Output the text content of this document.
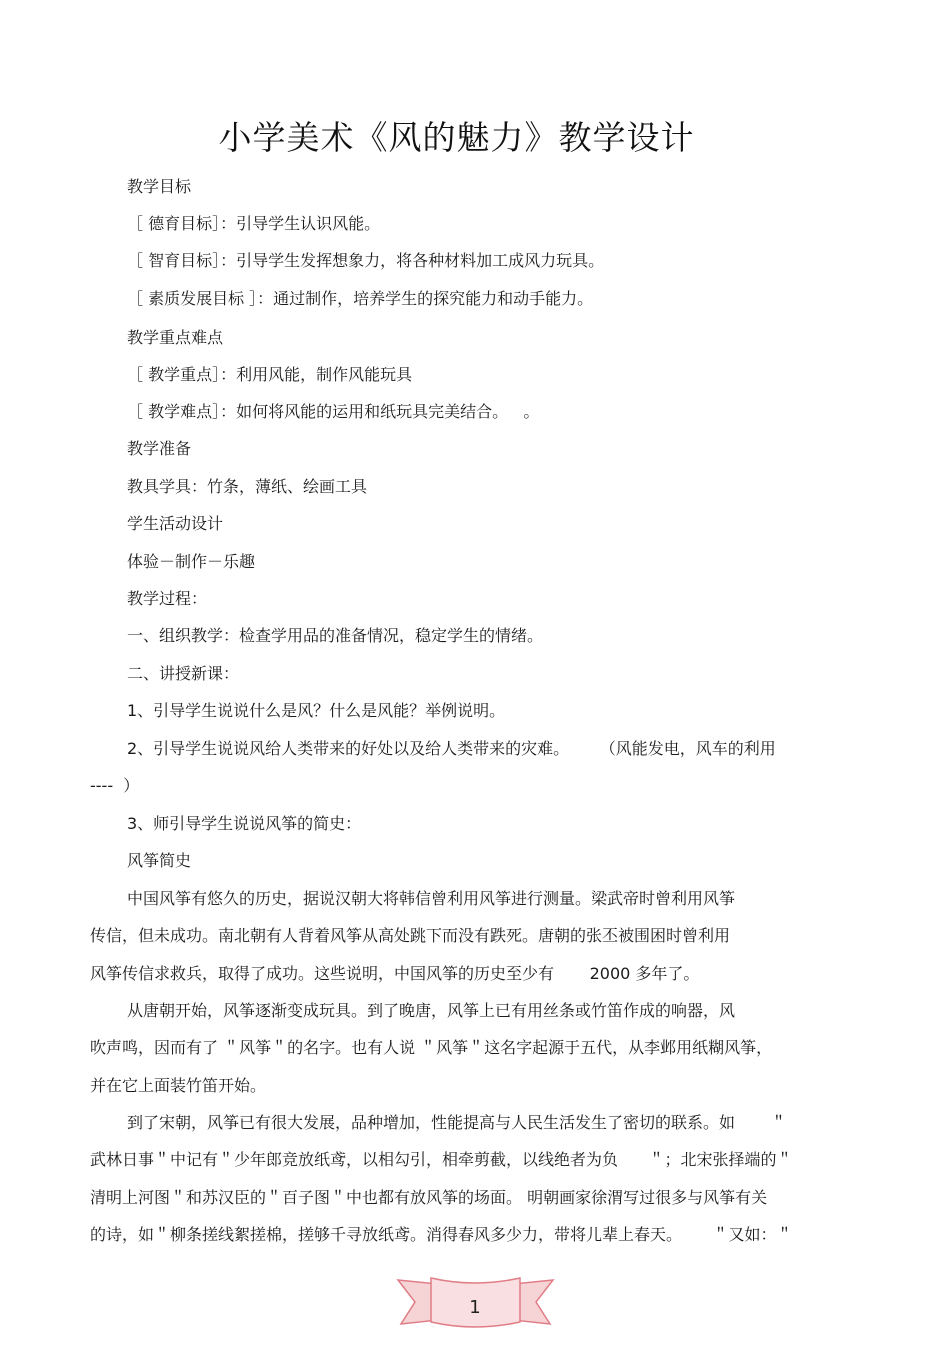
小学美术《风的魅力》教学设计
教学目标
［ 德育目标］：引导学生认识风能。
［ 智育目标］：引导学生发挥想象力，将各种材料加工成风力玩具。
［ 素质发展目标 ］：通过制作，培养学生的探究能力和动手能力。
教学重点难点
［ 教学重点］：利用风能，制作风能玩具
［ 教学难点］：如何将风能的运用和纸玩具完美结合。   。
教学准备
教具学具：竹条，薄纸、绘画工具
学生活动设计
体验－制作－乐趣
教学过程：
一、组织教学：检查学用品的准备情况，稳定学生的情绪。
二、讲授新课：
1、引导学生说说什么是风？什么是风能？举例说明。
2、引导学生说说风给人类带来的好处以及给人类带来的灾难。      （风能发电，风车的利用
----  ）
3、师引导学生说说风筝的简史：
风筝简史
中国风筝有悠久的历史，据说汉朝大将韩信曾利用风筝进行测量。梁武帝时曾利用风筝
传信，但未成功。南北朝有人背着风筝从高处跳下而没有跌死。唐朝的张丕被围困时曾利用
风筝传信求救兵，取得了成功。这些说明，中国风筝的历史至少有       2000 多年了。
从唐朝开始，风筝逐渐变成玩具。到了晚唐，风筝上已有用丝条或竹笛作成的响器，风
吹声鸣，因而有了 ＂风筝＂的名字。也有人说 ＂风筝＂这名字起源于五代，从李邺用纸糊风筝，
并在它上面装竹笛开始。
到了宋朝，风筝已有很大发展，品种增加，性能提高与人民生活发生了密切的联系。如       ＂
武林日事＂中记有＂少年郎竞放纸鸢，以相勾引，相牵剪截，以线绝者为负      ＂；北宋张择端的＂
清明上河图＂和苏汉臣的＂百子图＂中也都有放风筝的场面。 明朝画家徐渭写过很多与风筝有关
的诗，如＂柳条搓线絮搓棉，搓够千寻放纸鸢。消得春风多少力，带将儿辈上春天。      ＂又如：＂
1
